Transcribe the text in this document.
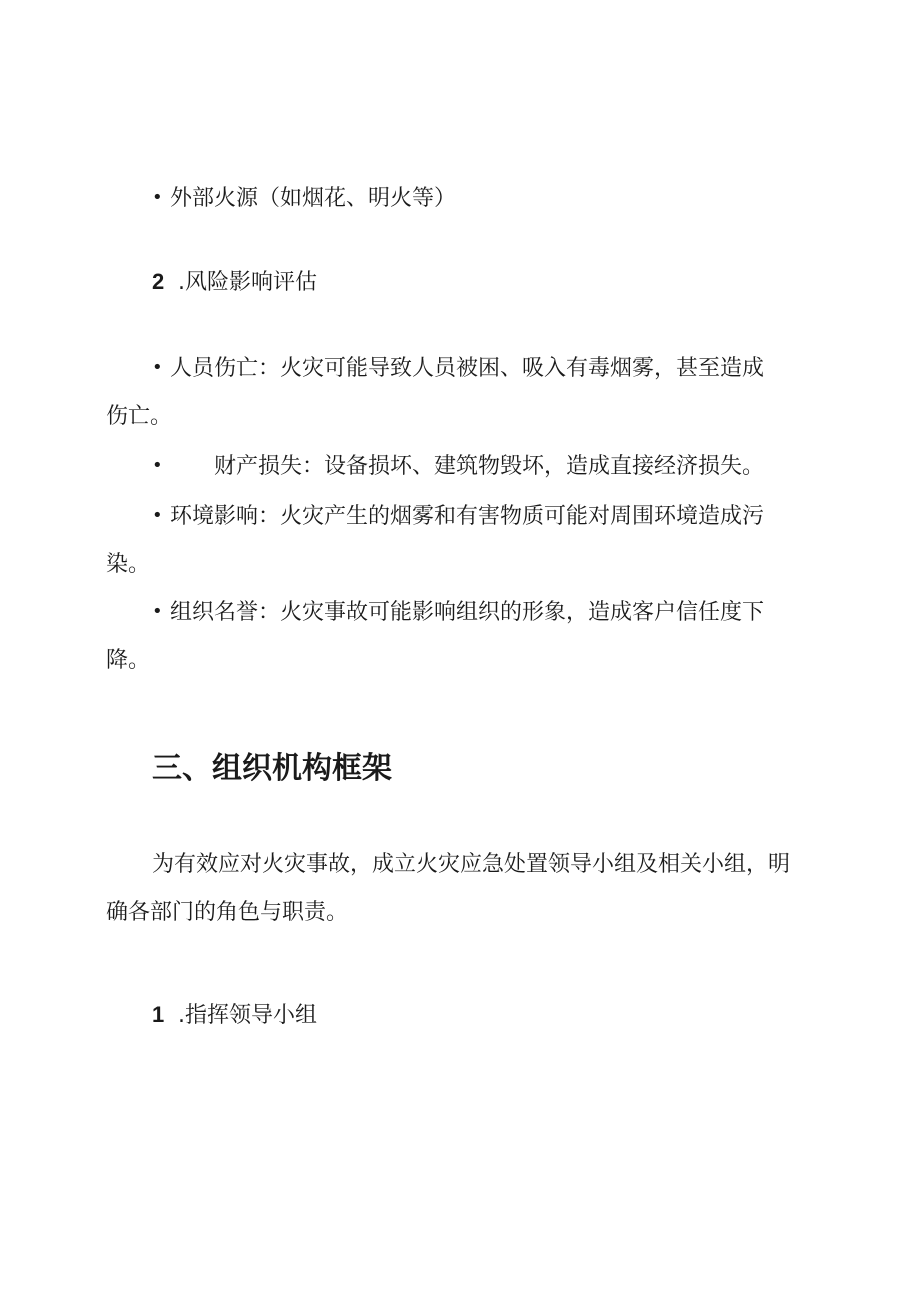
• 外部火源（如烟花、明火等）
2 .风险影响评估
• 人员伤亡：火灾可能导致人员被困、吸入有毒烟雾，甚至造成
伤亡。
• 财产损失：设备损坏、建筑物毁坏，造成直接经济损失。
• 环境影响：火灾产生的烟雾和有害物质可能对周围环境造成污
染。
• 组织名誉：火灾事故可能影响组织的形象，造成客户信任度下
降。
三、组织机构框架
为有效应对火灾事故，成立火灾应急处置领导小组及相关小组，明
确各部门的角色与职责。
1 .指挥领导小组
